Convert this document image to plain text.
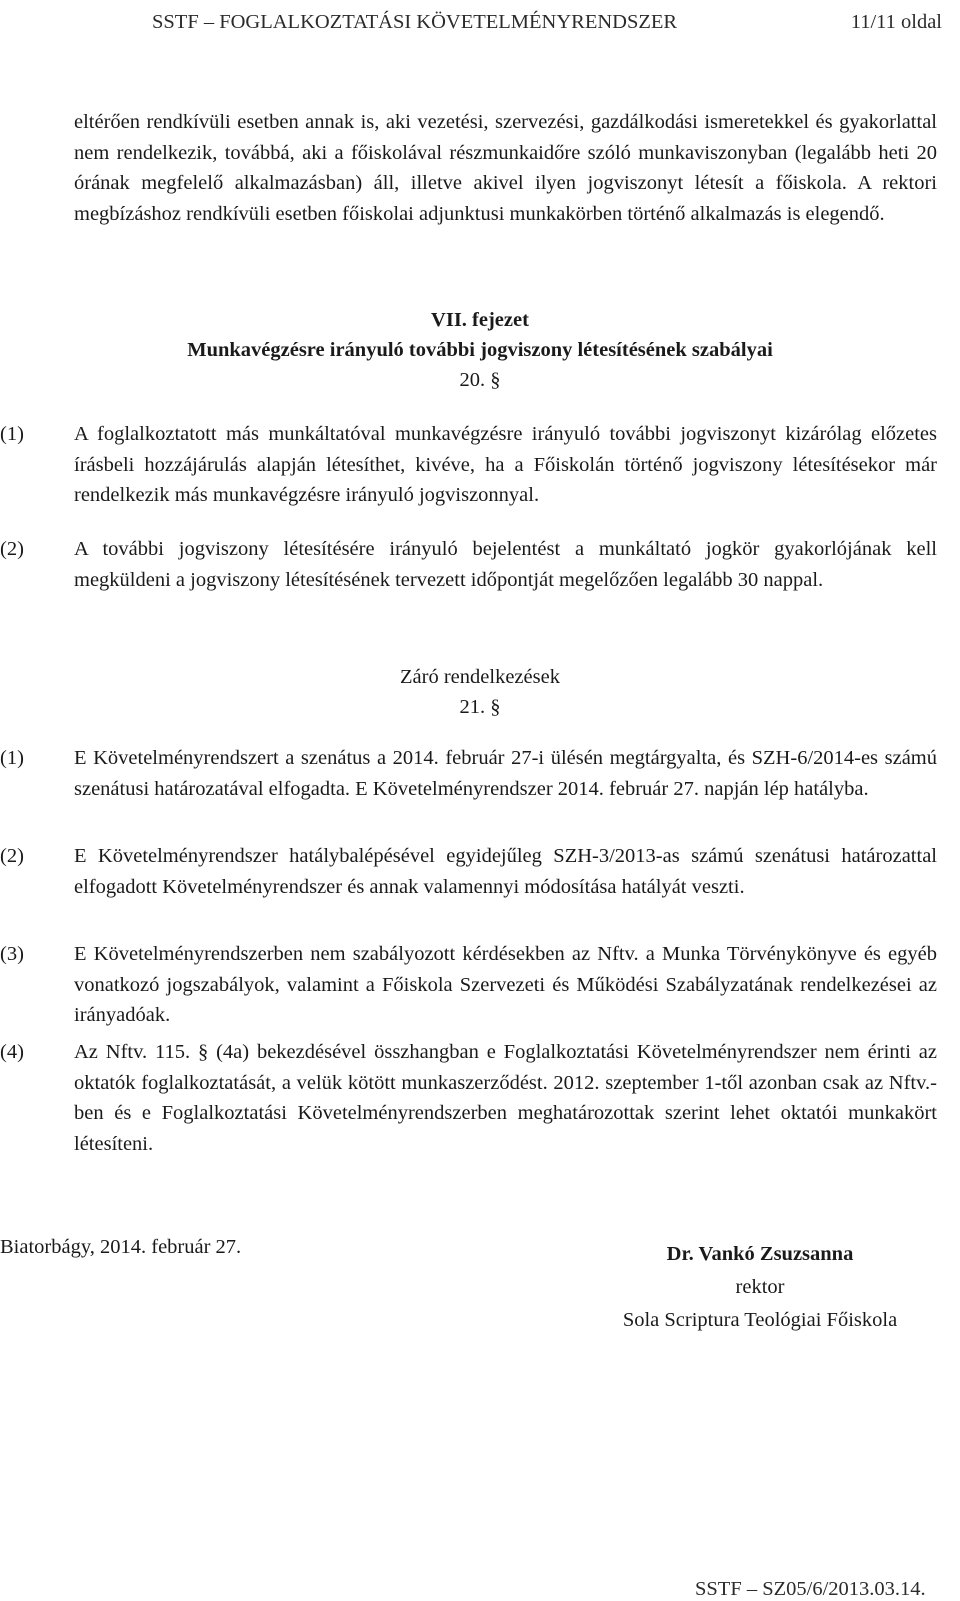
SSTF – FOGLALKOZTATÁSI KÖVETELMÉNYRENDSZER	11/11 oldal
eltérően rendkívüli esetben annak is, aki vezetési, szervezési, gazdálkodási ismeretekkel és gyakorlattal nem rendelkezik, továbbá, aki a főiskolával részmunkaidőre szóló munkaviszonyban (legalább heti 20 órának megfelelő alkalmazásban) áll, illetve akivel ilyen jogviszonyt létesít a főiskola. A rektori megbízáshoz rendkívüli esetben főiskolai adjunktusi munkakörben történő alkalmazás is elegendő.
VII. fejezet
Munkavégzésre irányuló további jogviszony létesítésének szabályai
20. §
(1) A foglalkoztatott más munkáltatóval munkavégzésre irányuló további jogviszonyt kizárólag előzetes írásbeli hozzájárulás alapján létesíthet, kivéve, ha a Főiskolán történő jogviszony létesítésekor már rendelkezik más munkavégzésre irányuló jogviszonnyal.
(2) A további jogviszony létesítésére irányuló bejelentést a munkáltató jogkör gyakorlójának kell megküldeni a jogviszony létesítésének tervezett időpontját megelőzően legalább 30 nappal.
Záró rendelkezések
21. §
(1) E Követelményrendszert a szenátus a 2014. február 27-i ülésén megtárgyalta, és SZH-6/2014-es számú szenátusi határozatával elfogadta. E Követelményrendszer 2014. február 27. napján lép hatályba.
(2) E Követelményrendszer hatálybalépésével egyidejűleg SZH-3/2013-as számú szenátusi határozattal elfogadott Követelményrendszer és annak valamennyi módosítása hatályát veszti.
(3) E Követelményrendszerben nem szabályozott kérdésekben az Nftv. a Munka Törvénykönyve és egyéb vonatkozó jogszabályok, valamint a Főiskola Szervezeti és Működési Szabályzatának rendelkezései az irányadóak.
(4) Az Nftv. 115. § (4a) bekezdésével összhangban e Foglalkoztatási Követelményrendszer nem érinti az oktatók foglalkoztatását, a velük kötött munkaszerződést. 2012. szeptember 1-től azonban csak az Nftv.-ben és e Foglalkoztatási Követelményrendszerben meghatározottak szerint lehet oktatói munkakört létesíteni.
Biatorbágy, 2014. február 27.	Dr. Vankó Zsuzsanna
rektor
Sola Scriptura Teológiai Főiskola
SSTF – SZ05/6/2013.03.14.
